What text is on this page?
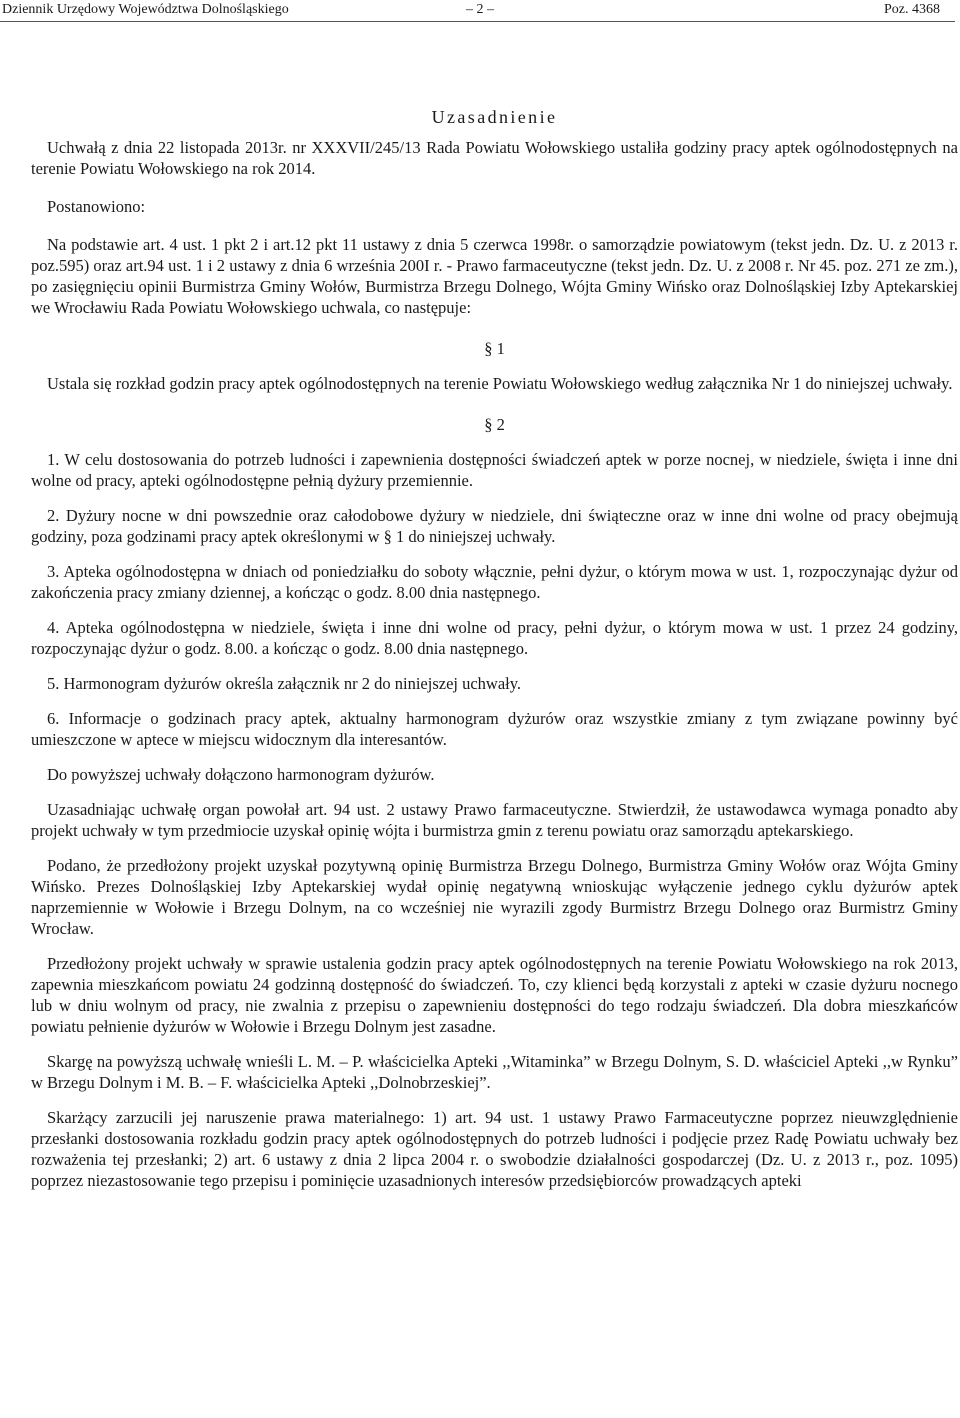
Dziennik Urzędowy Województwa Dolnośląskiego	– 2 –	Poz. 4368
Uzasadnienie
Uchwałą z dnia 22 listopada 2013r. nr XXXVII/245/13 Rada Powiatu Wołowskiego ustaliła godziny pracy aptek ogólnodostępnych na terenie Powiatu Wołowskiego na rok 2014.
Postanowiono:
Na podstawie art. 4 ust. 1 pkt 2 i art.12 pkt 11 ustawy z dnia 5 czerwca 1998r. o samorządzie powiatowym (tekst jedn. Dz. U. z 2013 r. poz.595) oraz art.94 ust. 1 i 2 ustawy z dnia 6 września 200I r. - Prawo farmaceutyczne (tekst jedn. Dz. U. z 2008 r. Nr 45. poz. 271 ze zm.), po zasięgnięciu opinii Burmistrza Gminy Wołów, Burmistrza Brzegu Dolnego, Wójta Gminy Wińsko oraz Dolnośląskiej Izby Aptekarskiej we Wrocławiu Rada Powiatu Wołowskiego uchwala, co następuje:
§ 1
Ustala się rozkład godzin pracy aptek ogólnodostępnych na terenie Powiatu Wołowskiego według załącznika Nr 1 do niniejszej uchwały.
§ 2
1. W celu dostosowania do potrzeb ludności i zapewnienia dostępności świadczeń aptek w porze nocnej, w niedziele, święta i inne dni wolne od pracy, apteki ogólnodostępne pełnią dyżury przemiennie.
2. Dyżury nocne w dni powszednie oraz całodobowe dyżury w niedziele, dni świąteczne oraz w inne dni wolne od pracy obejmują godziny, poza godzinami pracy aptek określonymi w § 1 do niniejszej uchwały.
3. Apteka ogólnodostępna w dniach od poniedziałku do soboty włącznie, pełni dyżur, o którym mowa w ust. 1, rozpoczynając dyżur od zakończenia pracy zmiany dziennej, a kończąc o godz. 8.00 dnia następnego.
4. Apteka ogólnodostępna w niedziele, święta i inne dni wolne od pracy, pełni dyżur, o którym mowa w ust. 1 przez 24 godziny, rozpoczynając dyżur o godz. 8.00. a kończąc o godz. 8.00 dnia następnego.
5. Harmonogram dyżurów określa załącznik nr 2 do niniejszej uchwały.
6. Informacje o godzinach pracy aptek, aktualny harmonogram dyżurów oraz wszystkie zmiany z tym związane powinny być umieszczone w aptece w miejscu widocznym dla interesantów.
Do powyższej uchwały dołączono harmonogram dyżurów.
Uzasadniając uchwałę organ powołał art. 94 ust. 2 ustawy Prawo farmaceutyczne. Stwierdził, że ustawodawca wymaga ponadto aby projekt uchwały w tym przedmiocie uzyskał opinię wójta i burmistrza gmin z terenu powiatu oraz samorządu aptekarskiego.
Podano, że przedłożony projekt uzyskał pozytywną opinię Burmistrza Brzegu Dolnego, Burmistrza Gminy Wołów oraz Wójta Gminy Wińsko. Prezes Dolnośląskiej Izby Aptekarskiej wydał opinię negatywną wnioskując wyłączenie jednego cyklu dyżurów aptek naprzemiennie w Wołowie i Brzegu Dolnym, na co wcześniej nie wyrazili zgody Burmistrz Brzegu Dolnego oraz Burmistrz Gminy Wrocław.
Przedłożony projekt uchwały w sprawie ustalenia godzin pracy aptek ogólnodostępnych na terenie Powiatu Wołowskiego na rok 2013, zapewnia mieszkańcom powiatu 24 godzinną dostępność do świadczeń. To, czy klienci będą korzystali z apteki w czasie dyżuru nocnego lub w dniu wolnym od pracy, nie zwalnia z przepisu o zapewnieniu dostępności do tego rodzaju świadczeń. Dla dobra mieszkańców powiatu pełnienie dyżurów w Wołowie i Brzegu Dolnym jest zasadne.
Skargę na powyższą uchwałę wnieśli L. M. – P. właścicielka Apteki ,,Witaminka” w Brzegu Dolnym, S. D. właściciel Apteki ,,w Rynku” w Brzegu Dolnym i M. B. – F. właścicielka Apteki ,,Dolnobrzeskiej”.
Skarżący zarzucili jej naruszenie prawa materialnego: 1) art. 94 ust. 1 ustawy Prawo Farmaceutyczne poprzez nieuwzględnienie przesłanki dostosowania rozkładu godzin pracy aptek ogólnodostępnych do potrzeb ludności i podjęcie przez Radę Powiatu uchwały bez rozważenia tej przesłanki; 2) art. 6 ustawy z dnia 2 lipca 2004 r. o swobodzie działalności gospodarczej (Dz. U. z 2013 r., poz. 1095) poprzez niezastosowanie tego przepisu i pominięcie uzasadnionych interesów przedsiębiorców prowadzących apteki
